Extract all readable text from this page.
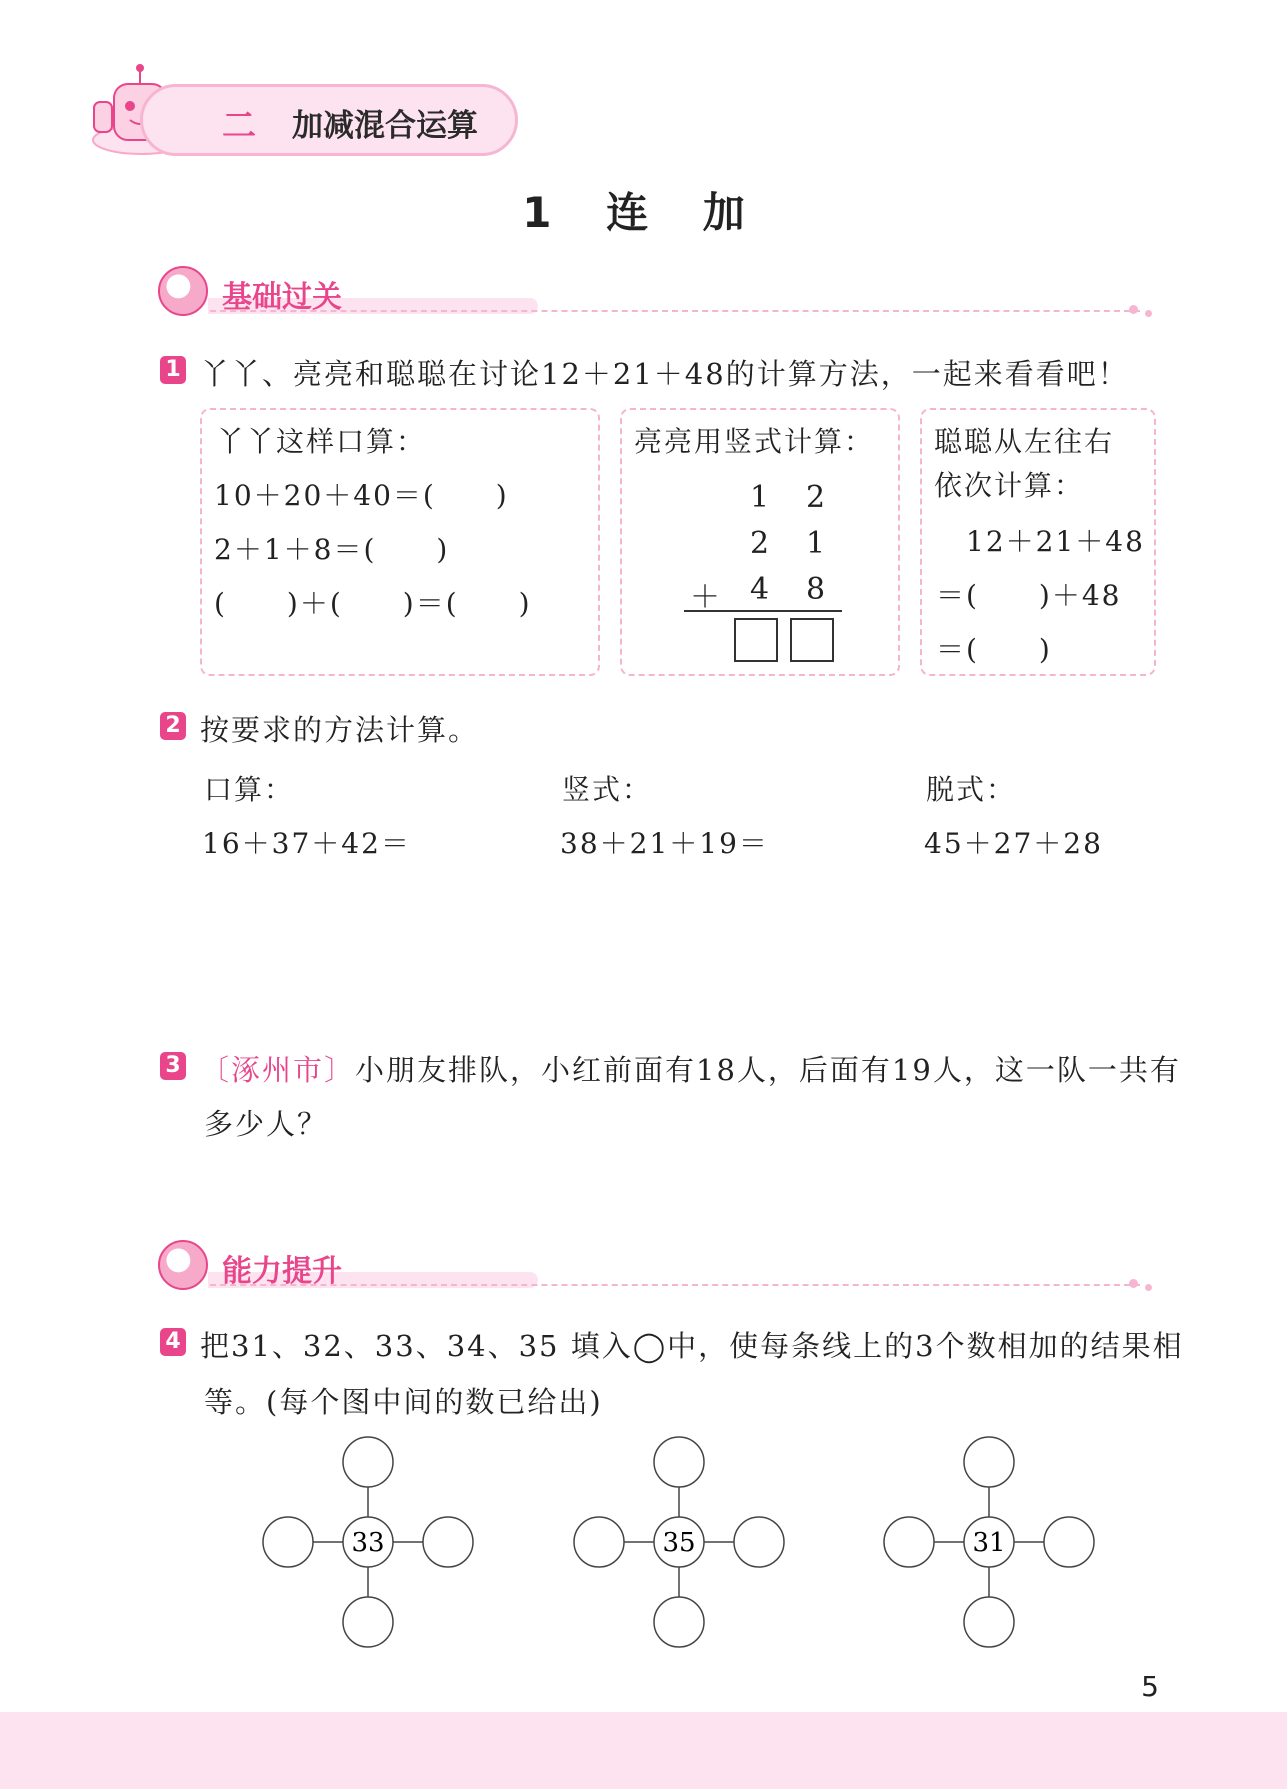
二 加减混合运算
1 连 加
基础过关
1 丫丫、亮亮和聪聪在讨论12＋21＋48的计算方法，一起来看看吧！
丫丫这样口算：
10＋20＋40＝(　　)
2＋1＋8＝(　　)
(　　)＋(　　)＝(　　)
亮亮用竖式计算：
1 2
2 1
＋ 4 8
聪聪从左往右
依次计算：
12＋21＋48
＝(　　)＋48
＝(　　)
2 按要求的方法计算。
口算：
16＋37＋42＝
竖式：
38＋21＋19＝
脱式：
45＋27＋28
3 〔涿州市〕小朋友排队，小红前面有18人，后面有19人，这一队一共有
多少人？
能力提升
4 把31、32、33、34、35 填入◯中，使每条线上的3个数相加的结果相
等。(每个图中间的数已给出)
33	35	31
5
